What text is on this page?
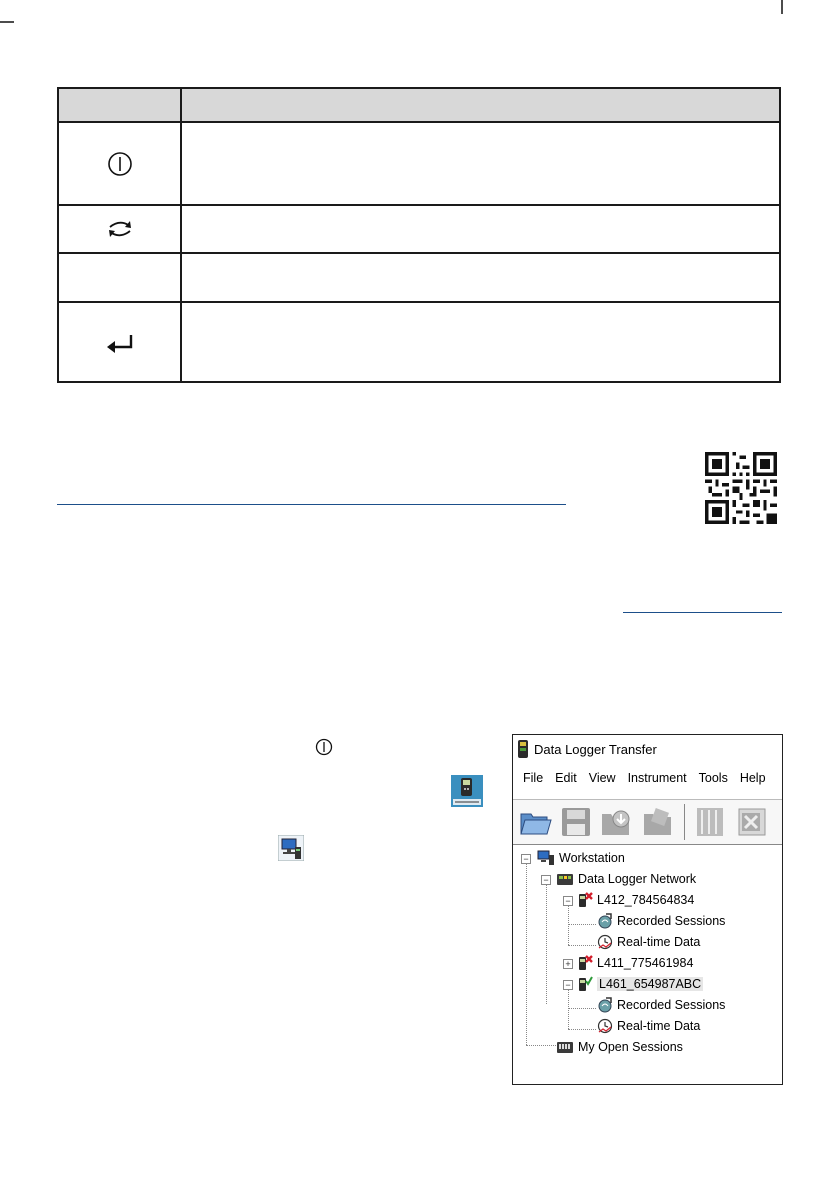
Data Logger Transfer
File Edit View Instrument Tools Help
− Workstation
− Data Logger Network
− L412_784564834
Recorded Sessions
Real-time Data
+ L411_775461984
− L461_654987ABC
Recorded Sessions
Real-time Data
My Open Sessions
